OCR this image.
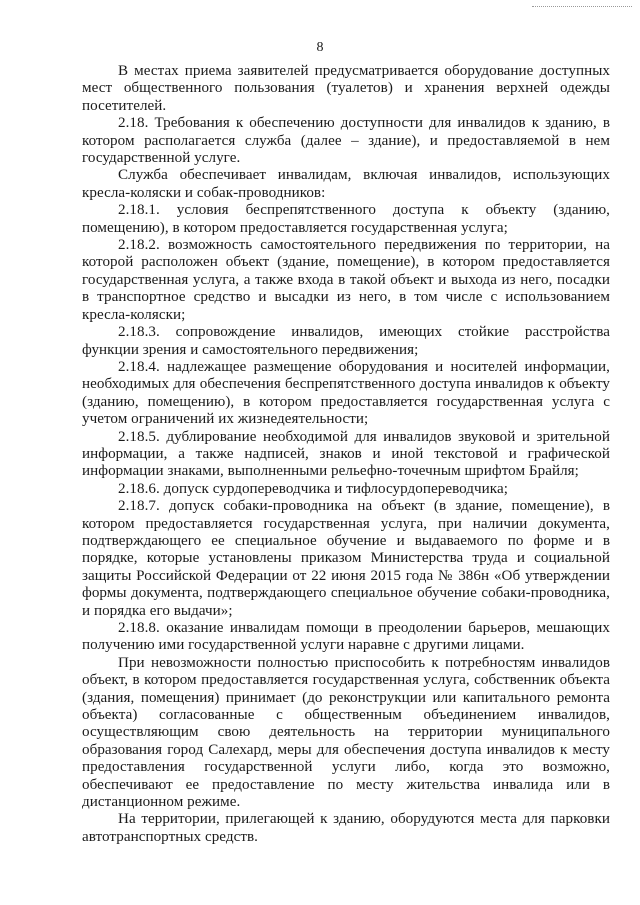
8

В местах приема заявителей предусматривается оборудование доступных мест общественного пользования (туалетов) и хранения верхней одежды посетителей.

2.18. Требования к обеспечению доступности для инвалидов к зданию, в котором располагается служба (далее – здание), и предоставляемой в нем государственной услуге.

Служба обеспечивает инвалидам, включая инвалидов, использующих кресла-коляски и собак-проводников:

2.18.1. условия беспрепятственного доступа к объекту (зданию, помещению), в котором предоставляется государственная услуга;

2.18.2. возможность самостоятельного передвижения по территории, на которой расположен объект (здание, помещение), в котором предоставляется государственная услуга, а также входа в такой объект и выхода из него, посадки в транспортное средство и высадки из него, в том числе с использованием кресла-коляски;

2.18.3. сопровождение инвалидов, имеющих стойкие расстройства функции зрения и самостоятельного передвижения;

2.18.4. надлежащее размещение оборудования и носителей информации, необходимых для обеспечения беспрепятственного доступа инвалидов к объекту (зданию, помещению), в котором предоставляется государственная услуга с учетом ограничений их жизнедеятельности;

2.18.5. дублирование необходимой для инвалидов звуковой и зрительной информации, а также надписей, знаков и иной текстовой и графической информации знаками, выполненными рельефно-точечным шрифтом Брайля;

2.18.6. допуск сурдопереводчика и тифлосурдопереводчика;

2.18.7. допуск собаки-проводника на объект (в здание, помещение), в котором предоставляется государственная услуга, при наличии документа, подтверждающего ее специальное обучение и выдаваемого по форме и в порядке, которые установлены приказом Министерства труда и социальной защиты Российской Федерации от 22 июня 2015 года № 386н «Об утверждении формы документа, подтверждающего специальное обучение собаки-проводника, и порядка его выдачи»;

2.18.8. оказание инвалидам помощи в преодолении барьеров, мешающих получению ими государственной услуги наравне с другими лицами.

При невозможности полностью приспособить к потребностям инвалидов объект, в котором предоставляется государственная услуга, собственник объекта (здания, помещения) принимает (до реконструкции или капитального ремонта объекта) согласованные с общественным объединением инвалидов, осуществляющим свою деятельность на территории муниципального образования город Салехард, меры для обеспечения доступа инвалидов к месту предоставления государственной услуги либо, когда это возможно, обеспечивают ее предоставление по месту жительства инвалида или в дистанционном режиме.

На территории, прилегающей к зданию, оборудуются места для парковки автотранспортных средств.
